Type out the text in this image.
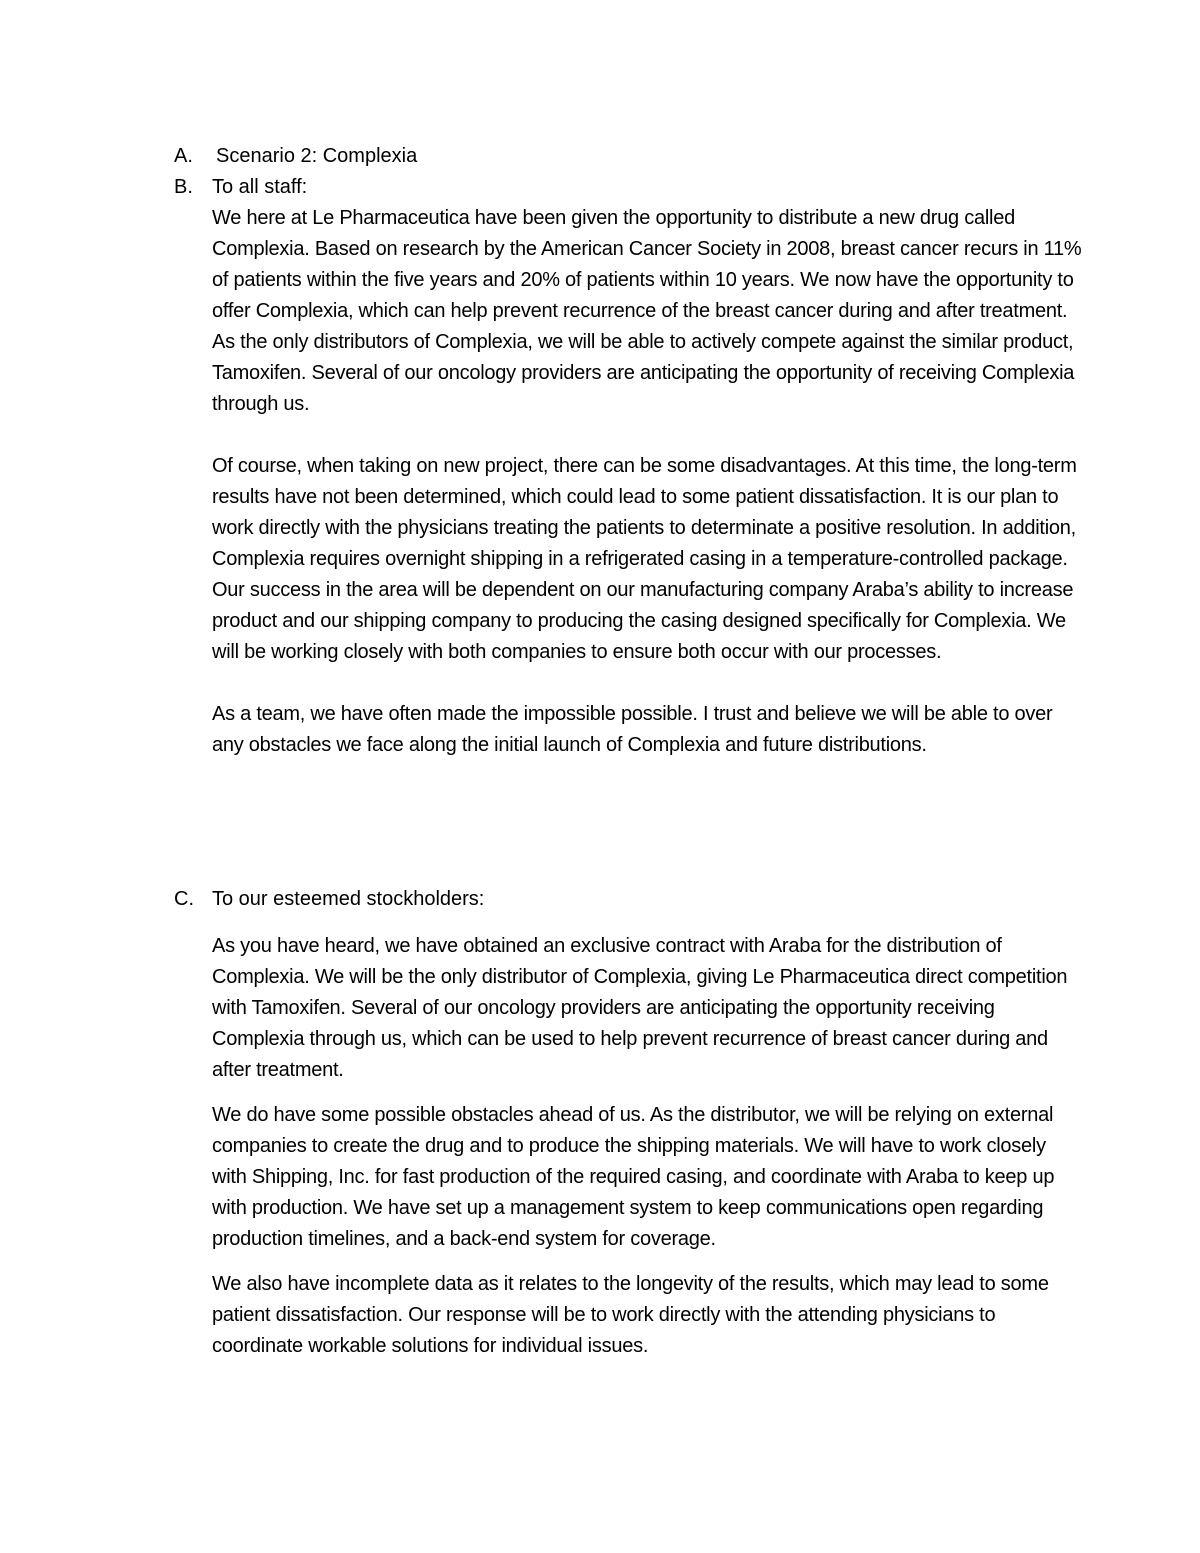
A. Scenario 2: Complexia
B. To all staff:

We here at Le Pharmaceutica have been given the opportunity to distribute a new drug called Complexia. Based on research by the American Cancer Society in 2008, breast cancer recurs in 11% of patients within the five years and 20% of patients within 10 years. We now have the opportunity to offer Complexia, which can help prevent recurrence of the breast cancer during and after treatment. As the only distributors of Complexia, we will be able to actively compete against the similar product, Tamoxifen. Several of our oncology providers are anticipating the opportunity of receiving Complexia through us.

Of course, when taking on new project, there can be some disadvantages. At this time, the long-term results have not been determined, which could lead to some patient dissatisfaction. It is our plan to work directly with the physicians treating the patients to determinate a positive resolution. In addition, Complexia requires overnight shipping in a refrigerated casing in a temperature-controlled package. Our success in the area will be dependent on our manufacturing company Araba’s ability to increase product and our shipping company to producing the casing designed specifically for Complexia. We will be working closely with both companies to ensure both occur with our processes.

As a team, we have often made the impossible possible. I trust and believe we will be able to over any obstacles we face along the initial launch of Complexia and future distributions.

C. To our esteemed stockholders:

As you have heard, we have obtained an exclusive contract with Araba for the distribution of Complexia. We will be the only distributor of Complexia, giving Le Pharmaceutica direct competition with Tamoxifen. Several of our oncology providers are anticipating the opportunity receiving Complexia through us, which can be used to help prevent recurrence of breast cancer during and after treatment.

We do have some possible obstacles ahead of us. As the distributor, we will be relying on external companies to create the drug and to produce the shipping materials. We will have to work closely with Shipping, Inc. for fast production of the required casing, and coordinate with Araba to keep up with production. We have set up a management system to keep communications open regarding production timelines, and a back-end system for coverage.

We also have incomplete data as it relates to the longevity of the results, which may lead to some patient dissatisfaction. Our response will be to work directly with the attending physicians to coordinate workable solutions for individual issues.
